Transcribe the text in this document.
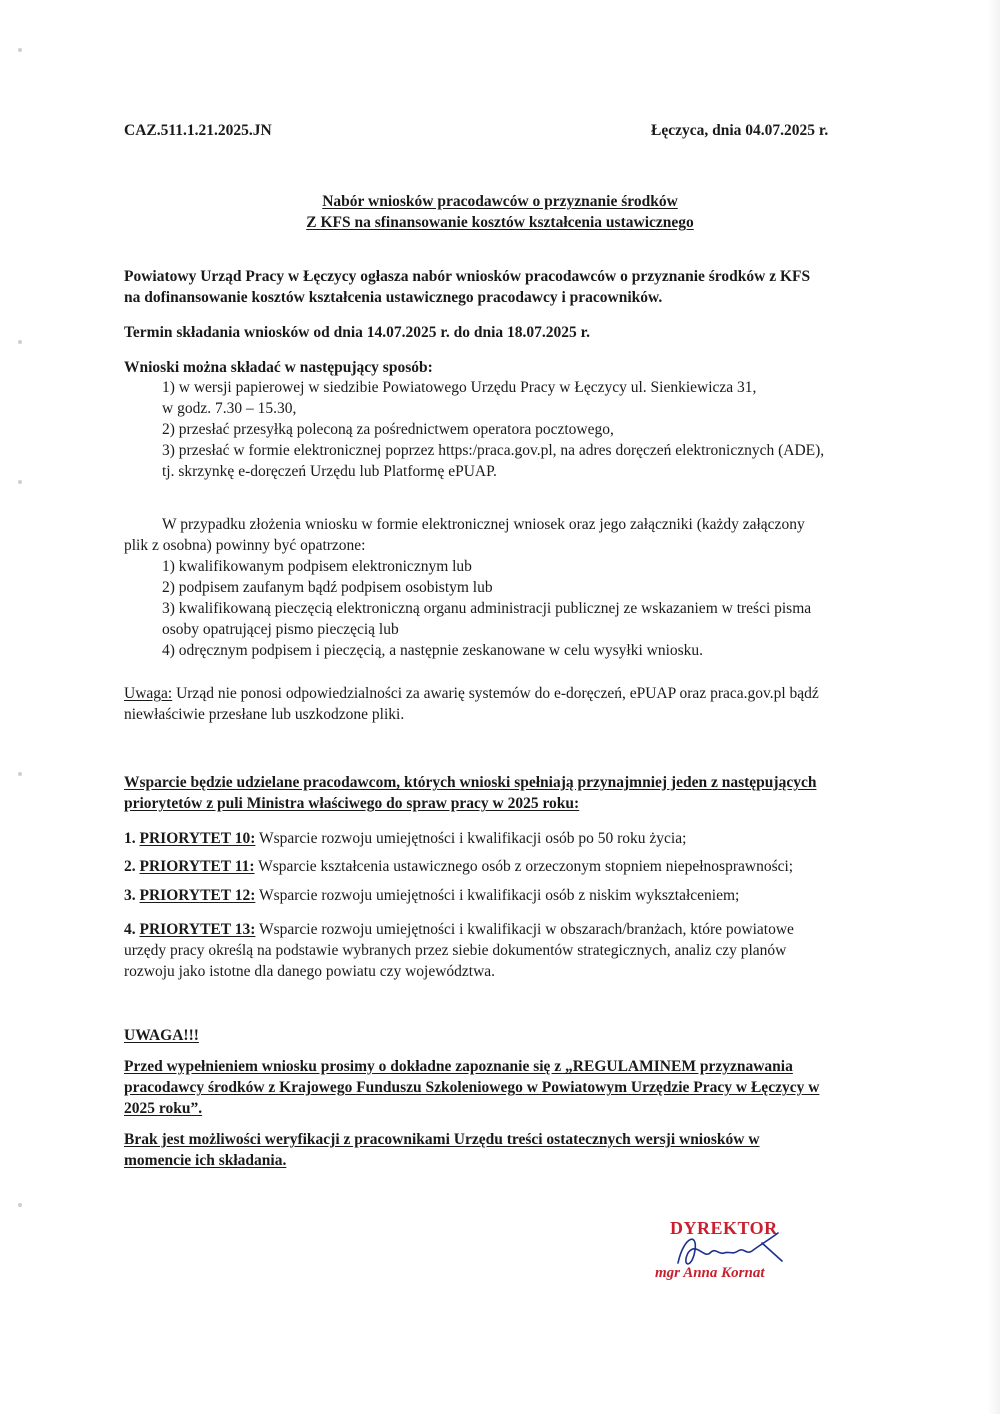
CAZ.511.1.21.2025.JN	Łęczyca, dnia 04.07.2025 r.
Nabór wniosków pracodawców o przyznanie środków
Z KFS na sfinansowanie kosztów kształcenia ustawicznego
Powiatowy Urząd Pracy w Łęczycy ogłasza nabór wniosków pracodawców o przyznanie środków z KFS
na dofinansowanie kosztów kształcenia ustawicznego pracodawcy i pracowników.
Termin składania wniosków od dnia 14.07.2025 r. do dnia 18.07.2025 r.
Wnioski można składać w następujący sposób:
1) w wersji papierowej w siedzibie Powiatowego Urzędu Pracy w Łęczycy ul. Sienkiewicza 31,
w godz. 7.30 – 15.30,
2) przesłać przesyłką poleconą za pośrednictwem operatora pocztowego,
3) przesłać w formie elektronicznej poprzez https:/praca.gov.pl, na adres doręczeń elektronicznych (ADE),
tj. skrzynkę e-doręczeń Urzędu lub Platformę ePUAP.
W przypadku złożenia wniosku w formie elektronicznej wniosek oraz jego załączniki (każdy załączony
plik z osobna) powinny być opatrzone:
1) kwalifikowanym podpisem elektronicznym lub
2) podpisem zaufanym bądź podpisem osobistym lub
3) kwalifikowaną pieczęcią elektroniczną organu administracji publicznej ze wskazaniem w treści pisma
osoby opatrującej pismo pieczęcią lub
4) odręcznym podpisem i pieczęcią, a następnie zeskanowane w celu wysyłki wniosku.
Uwaga: Urząd nie ponosi odpowiedzialności za awarię systemów do e-doręczeń, ePUAP oraz praca.gov.pl bądź
niewłaściwie przesłane lub uszkodzone pliki.
Wsparcie będzie udzielane pracodawcom, których wnioski spełniają przynajmniej jeden z następujących
priorytetów z puli Ministra właściwego do spraw pracy w 2025 roku:
1. PRIORYTET 10: Wsparcie rozwoju umiejętności i kwalifikacji osób po 50 roku życia;
2. PRIORYTET 11: Wsparcie kształcenia ustawicznego osób z orzeczonym stopniem niepełnosprawności;
3. PRIORYTET 12: Wsparcie rozwoju umiejętności i kwalifikacji osób z niskim wykształceniem;
4. PRIORYTET 13: Wsparcie rozwoju umiejętności i kwalifikacji w obszarach/branżach, które powiatowe
urzędy pracy określą na podstawie wybranych przez siebie dokumentów strategicznych, analiz czy planów
rozwoju jako istotne dla danego powiatu czy województwa.
UWAGA!!!
Przed wypełnieniem wniosku prosimy o dokładne zapoznanie się z „REGULAMINEM przyznawania
pracodawcy środków z Krajowego Funduszu Szkoleniowego w Powiatowym Urzędzie Pracy w Łęczycy w
2025 roku”.
Brak jest możliwości weryfikacji z pracownikami Urzędu treści ostatecznych wersji wniosków w
momencie ich składania.
DYREKTOR
mgr Anna Kornat
